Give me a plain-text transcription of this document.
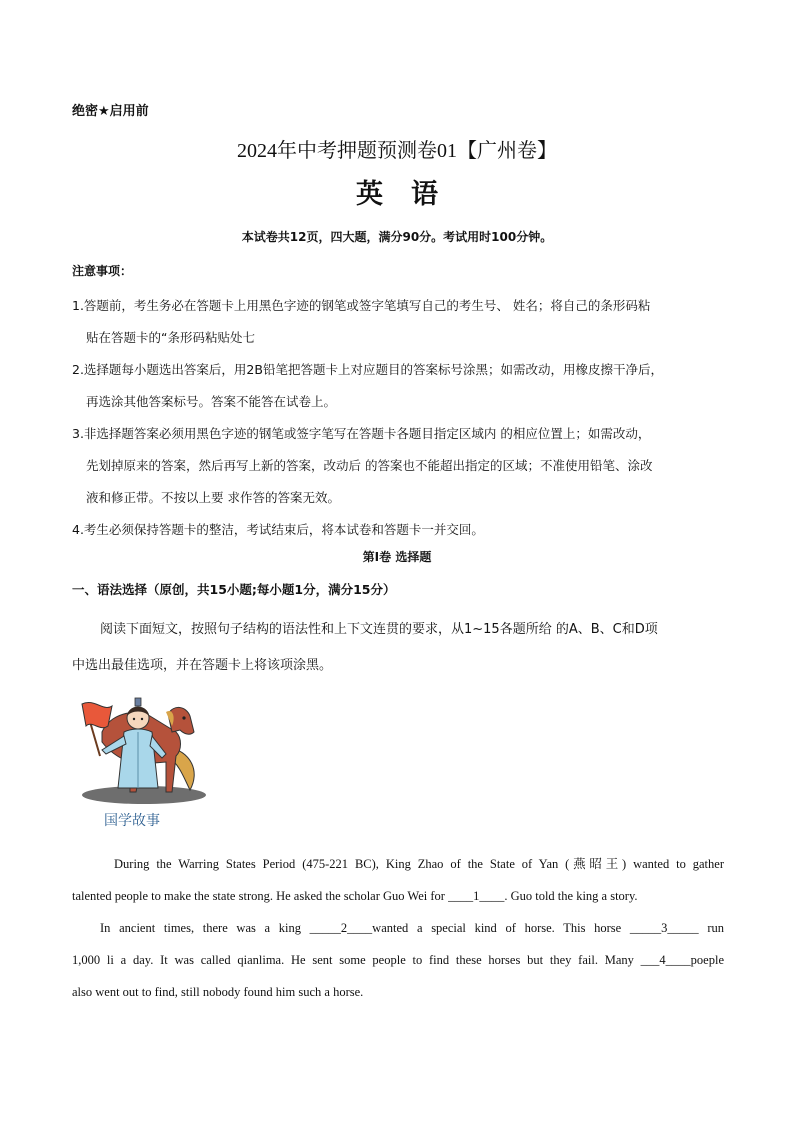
绝密★启用前
2024年中考押题预测卷01【广州卷】
英语
本试卷共12页，四大题，满分90分。考试用时100分钟。
注意事项：

1.答题前，考生务必在答题卡上用黑色字迹的钢笔或签字笔填写自己的考生号、 姓名；将自己的条形码粘
贴在答题卡的“条形码粘贴处七

2.选择题每小题选出答案后，用2B铅笔把答题卡上对应题目的答案标号涂黑；如需改动，用橡皮擦干净后，
再选涂其他答案标号。答案不能答在试卷上。

3.非选择题答案必须用黑色字迹的钢笔或签字笔写在答题卡各题目指定区域内 的相应位置上；如需改动，
先划掉原来的答案，然后再写上新的答案，改动后 的答案也不能超出指定的区域；不准使用铅笔、涂改
液和修正带。不按以上要 求作答的答案无效。

4.考生必须保持答题卡的整洁，考试结束后，将本试卷和答题卡一并交回。

第Ⅰ卷 选择题
一、语法选择（原创，共15小题;每小题1分，满分15分）
阅读下面短文，按照句子结构的语法性和上下文连贯的要求，从1~15各题所给 的A、B、C和D项
中选出最佳选项，并在答题卡上将该项涂黑。
国学故事
During the Warring States Period (475-221 BC), King Zhao of the State of Yan (燕昭王) wanted to gather
talented people to make the state strong. He asked the scholar Guo Wei for ____1____. Guo told the king a story.
In ancient times, there was a king _____2____wanted a special kind of horse. This horse _____3_____ run
1,000 li a day. It was called qianlima. He sent some people to find these horses but they fail. Many ___4____poeple
also went out to find, still nobody found him such a horse.
